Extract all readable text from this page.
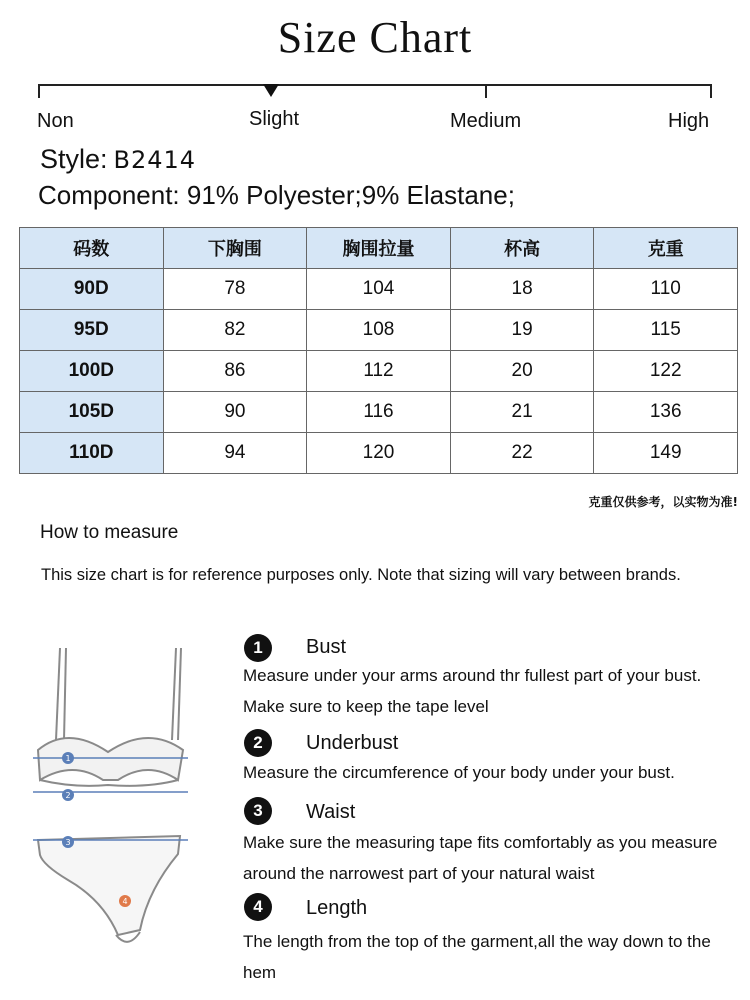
Size Chart
Non	Slight	Medium	High
Style: B2414
Component: 91% Polyester;9% Elastane;
码数	下胸围	胸围拉量	杯高	克重
90D	78	104	18	110
95D	82	108	19	115
100D	86	112	20	122
105D	90	116	21	136
110D	94	120	22	149
克重仅供参考，以实物为准!
How to measure
This size chart is for reference purposes only. Note that sizing will vary between brands.
1
2
3
4
1	Bust
Measure under your arms around thr fullest part of your bust. Make sure to keep the tape level
2	Underbust
Measure the circumference of your body under your bust.
3	Waist
Make sure the measuring tape fits comfortably as you measure around the narrowest part of your natural waist
4	Length
The length from the top of the garment,all the way down to the hem
